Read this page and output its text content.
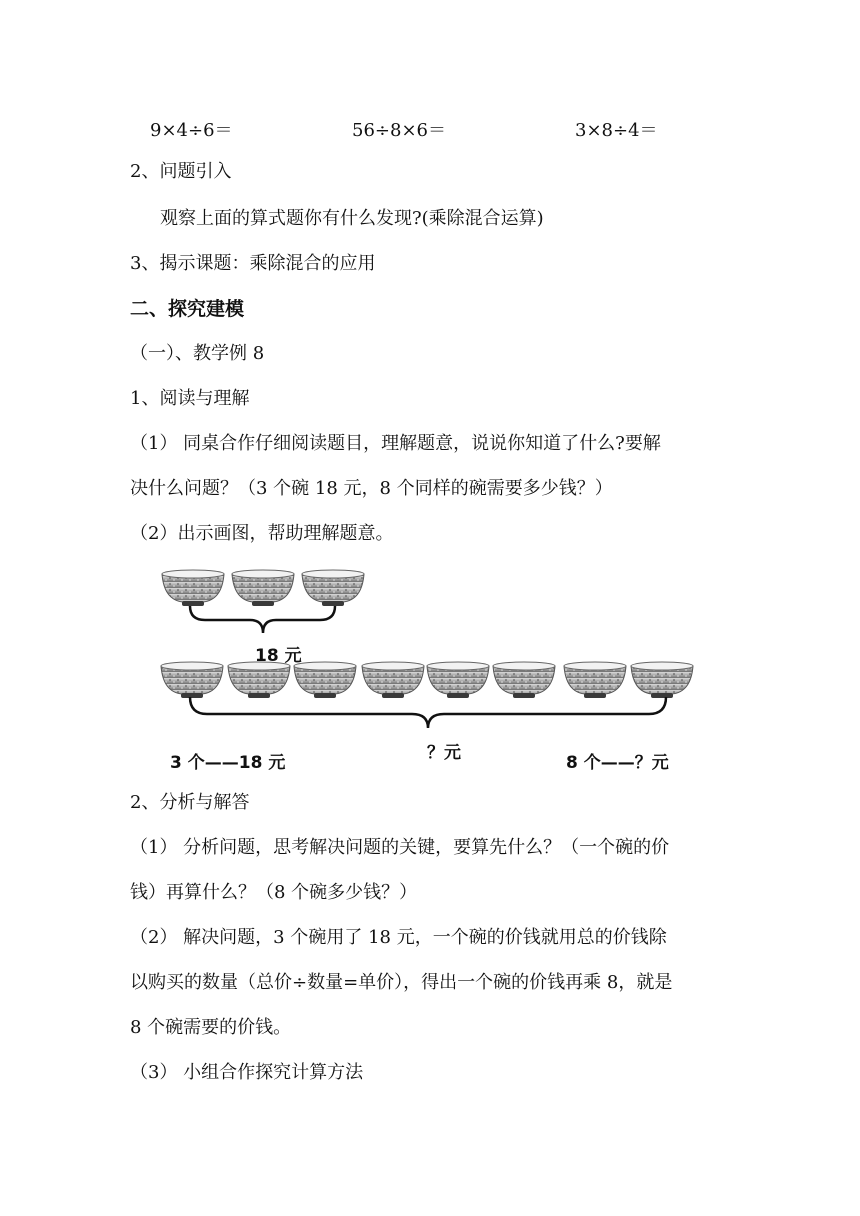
9×4÷6＝	56÷8×6＝	3×8÷4＝
2、问题引入
观察上面的算式题你有什么发现?(乘除混合运算)
3、揭示课题：乘除混合的应用
二、探究建模
（一）、教学例 8
1、阅读与理解
（1） 同桌合作仔细阅读题目，理解题意，说说你知道了什么?要解
决什么问题？（3 个碗 18 元，8 个同样的碗需要多少钱？）
（2）出示画图，帮助理解题意。
18 元
3 个——18 元	？元	8 个——？元
2、分析与解答
（1） 分析问题，思考解决问题的关键，要算先什么？（一个碗的价
钱）再算什么？（8 个碗多少钱？）
（2） 解决问题，3 个碗用了 18 元，一个碗的价钱就用总的价钱除
以购买的数量（总价÷数量=单价），得出一个碗的价钱再乘 8，就是
8 个碗需要的价钱。
（3） 小组合作探究计算方法
